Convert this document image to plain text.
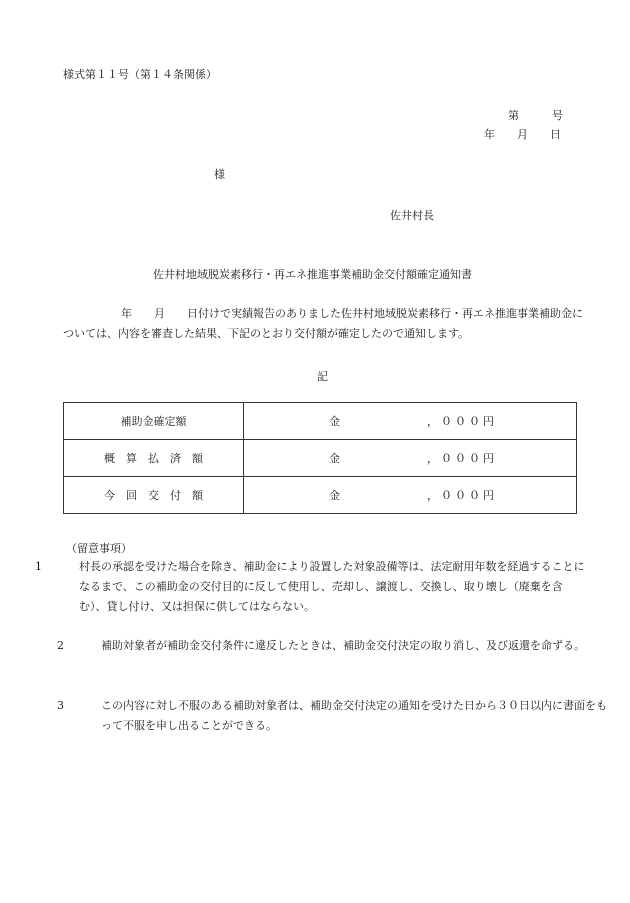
様式第１１号（第１４条関係）
第　　　号
年　　月　　日
様
佐井村長
佐井村地域脱炭素移行・再エネ推進事業補助金交付額確定通知書
年　　月　　日付けで実績報告のありました佐井村地域脱炭素移行・再エネ推進事業補助金については、内容を審査した結果、下記のとおり交付額が確定したので通知します。
記
補助金確定額	金 ，０００円

概　算　払　済　額	金 ，０００円

今　回　交　付　額	金 ，０００円
（留意事項）
1	村長の承認を受けた場合を除き、補助金により設置した対象設備等は、法定耐用年数を経過することになるまで、この補助金の交付目的に反して使用し、売却し、譲渡し、交換し、取り壊し（廃棄を含む）、貸し付け、又は担保に供してはならない。
2	補助対象者が補助金交付条件に違反したときは、補助金交付決定の取り消し、及び返還を命ずる。
3	この内容に対し不服のある補助対象者は、補助金交付決定の通知を受けた日から３０日以内に書面をもって不服を申し出ることができる。
